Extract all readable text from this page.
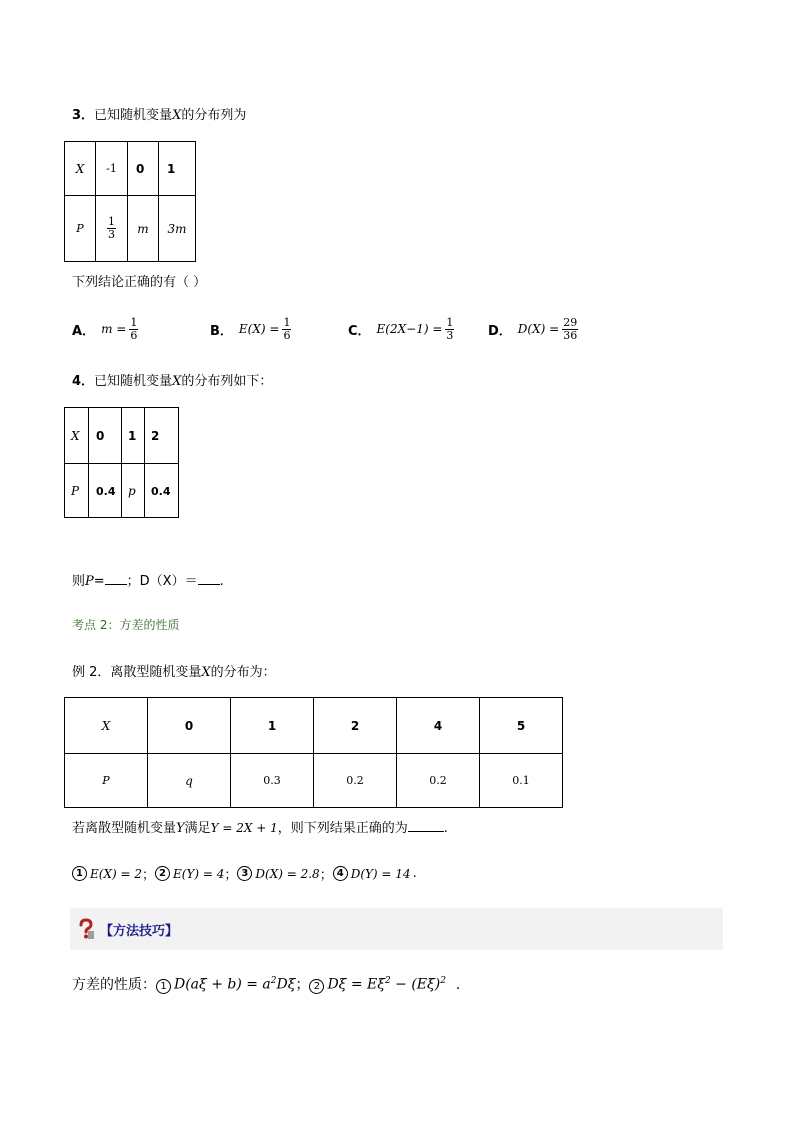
3．已知随机变量X的分布列为
X	-1	0	1
P	$\frac{1}{3}$	m	3m
下列结论正确的有（ ）
A． $m = \frac{1}{6}$	B． $E(X) = \frac{1}{6}$	C． $E(2X-1) = \frac{1}{3}$	D． $D(X) = \frac{29}{36}$
4．已知随机变量X的分布列如下：
X	0	1	2
P	0.4	p	0.4
则P= ；D（X）＝ .
考点 2：方差的性质
例 2．离散型随机变量X的分布为：
X	0	1	2	4	5
P	q	0.3	0.2	0.2	0.1
若离散型随机变量Y满足Y = 2X + 1，则下列结果正确的为	.
1 E(X) = 2 ； 2 E(Y) = 4 ； 3 D(X) = 2.8 ； 4 D(Y) = 14 .
【方法技巧】
方差的性质： 1 $D(a\xi + b) = a^2D\xi$ ； 2 $D\xi = E\xi^2 - (E\xi)^2$ .
